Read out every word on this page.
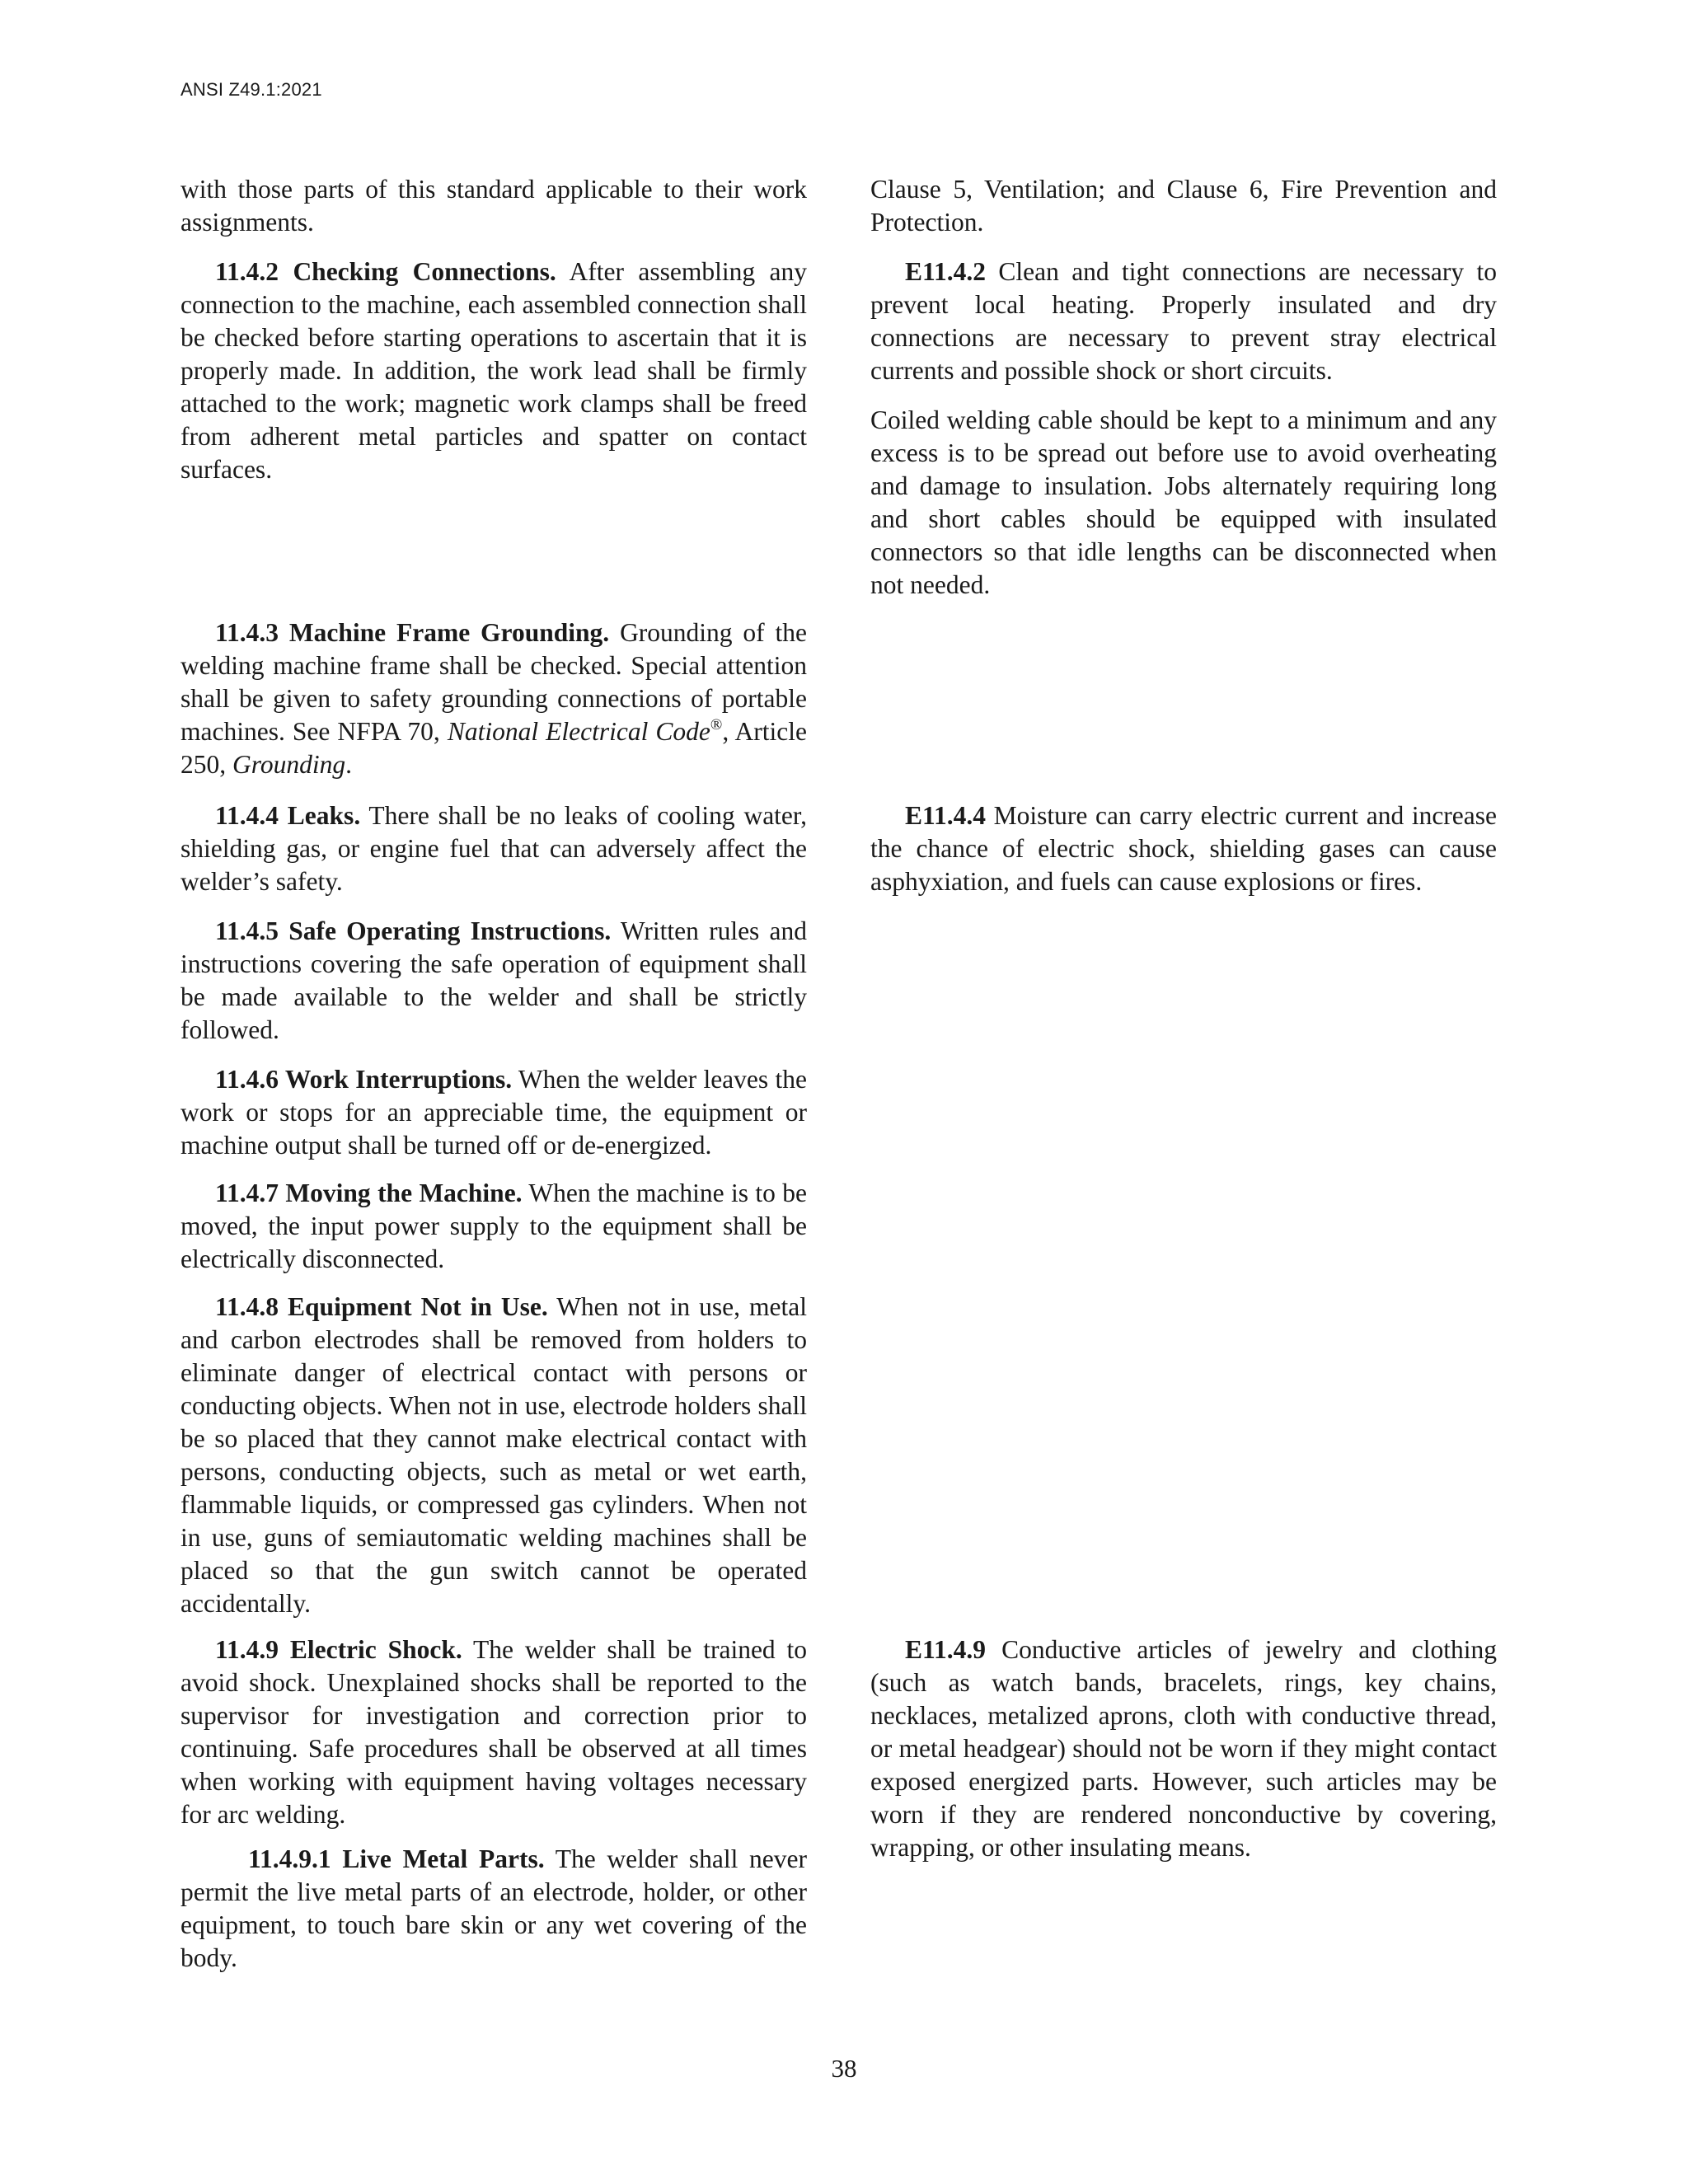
ANSI Z49.1:2021

with those parts of this standard applicable to their work assignments.

11.4.2 Checking Connections. After assembling any connection to the machine, each assembled connection shall be checked before starting operations to ascertain that it is properly made. In addition, the work lead shall be firmly attached to the work; magnetic work clamps shall be freed from adherent metal particles and spatter on contact surfaces.

11.4.3 Machine Frame Grounding. Grounding of the welding machine frame shall be checked. Special attention shall be given to safety grounding connections of portable machines. See NFPA 70, National Electrical Code®, Article 250, Grounding.

11.4.4 Leaks. There shall be no leaks of cooling water, shielding gas, or engine fuel that can adversely affect the welder’s safety.

11.4.5 Safe Operating Instructions. Written rules and instructions covering the safe operation of equipment shall be made available to the welder and shall be strictly followed.

11.4.6 Work Interruptions. When the welder leaves the work or stops for an appreciable time, the equipment or machine output shall be turned off or de-energized.

11.4.7 Moving the Machine. When the machine is to be moved, the input power supply to the equipment shall be electrically disconnected.

11.4.8 Equipment Not in Use. When not in use, metal and carbon electrodes shall be removed from holders to eliminate danger of electrical contact with persons or conducting objects. When not in use, electrode holders shall be so placed that they cannot make electrical contact with persons, conducting objects, such as metal or wet earth, flammable liquids, or compressed gas cylinders. When not in use, guns of semiautomatic welding machines shall be placed so that the gun switch cannot be operated accidentally.

11.4.9 Electric Shock. The welder shall be trained to avoid shock. Unexplained shocks shall be reported to the supervisor for investigation and correction prior to continuing. Safe procedures shall be observed at all times when working with equipment having voltages necessary for arc welding.

11.4.9.1 Live Metal Parts. The welder shall never permit the live metal parts of an electrode, holder, or other equipment, to touch bare skin or any wet covering of the body.

Clause 5, Ventilation; and Clause 6, Fire Prevention and Protection.

E11.4.2 Clean and tight connections are necessary to prevent local heating. Properly insulated and dry connections are necessary to prevent stray electrical currents and possible shock or short circuits.

Coiled welding cable should be kept to a minimum and any excess is to be spread out before use to avoid overheating and damage to insulation. Jobs alternately requiring long and short cables should be equipped with insulated connectors so that idle lengths can be disconnected when not needed.

E11.4.4 Moisture can carry electric current and increase the chance of electric shock, shielding gases can cause asphyxiation, and fuels can cause explosions or fires.

E11.4.9 Conductive articles of jewelry and clothing (such as watch bands, bracelets, rings, key chains, necklaces, metalized aprons, cloth with conductive thread, or metal headgear) should not be worn if they might contact exposed energized parts. However, such articles may be worn if they are rendered nonconductive by covering, wrapping, or other insulating means.

38
